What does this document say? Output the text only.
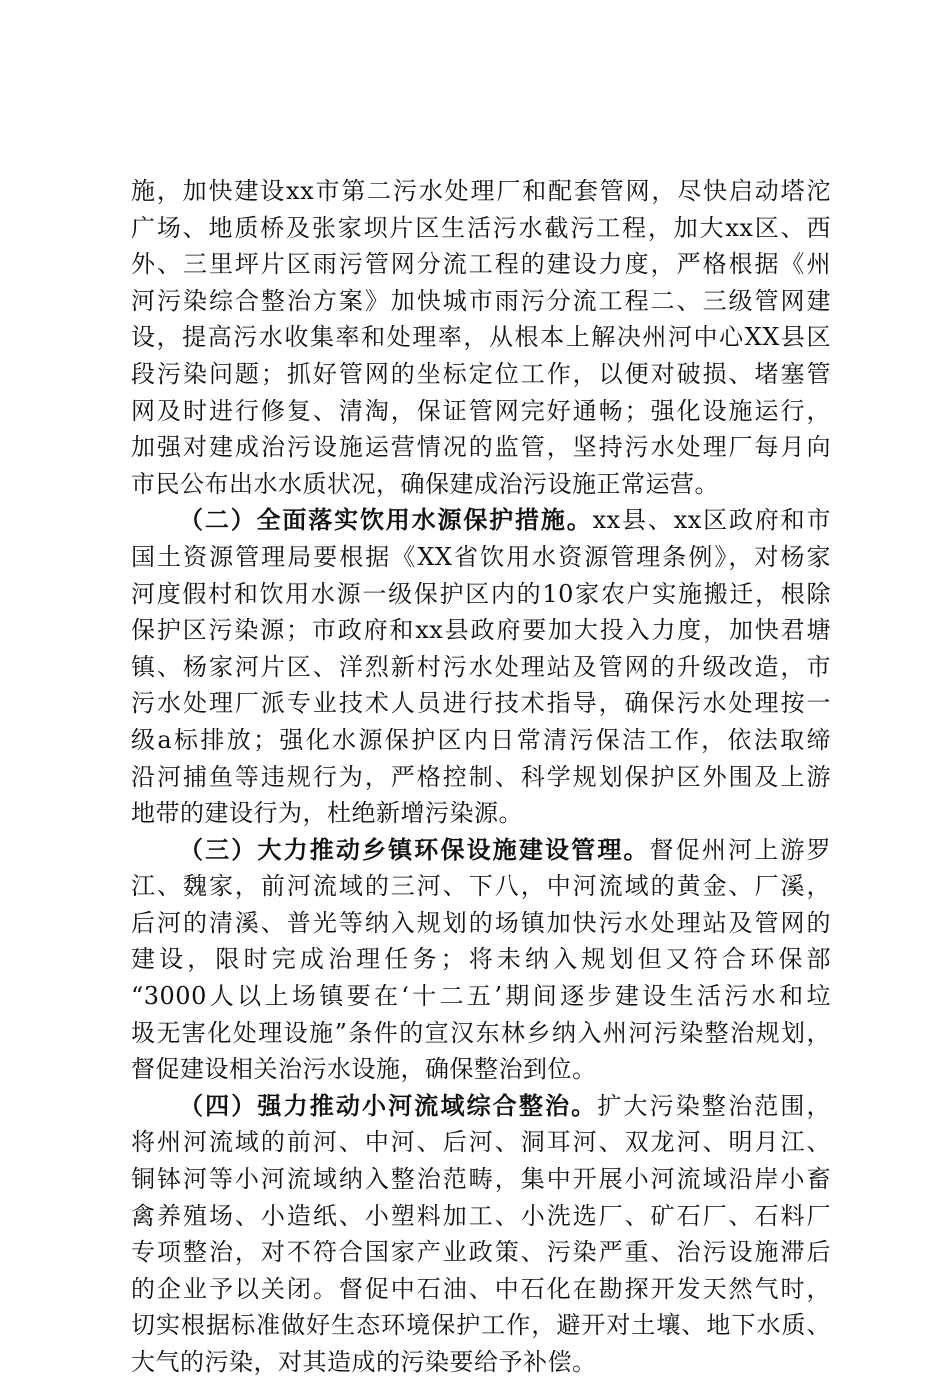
施，加快建设xx市第二污水处理厂和配套管网，尽快启动塔沱
广场、地质桥及张家坝片区生活污水截污工程，加大xx区、西
外、三里坪片区雨污管网分流工程的建设力度，严格根据《州
河污染综合整治方案》加快城市雨污分流工程二、三级管网建
设，提高污水收集率和处理率，从根本上解决州河中心XX县区
段污染问题；抓好管网的坐标定位工作，以便对破损、堵塞管
网及时进行修复、清淘，保证管网完好通畅；强化设施运行，
加强对建成治污设施运营情况的监管，坚持污水处理厂每月向
市民公布出水水质状况，确保建成治污设施正常运营。
（二）全面落实饮用水源保护措施。xx县、xx区政府和市
国土资源管理局要根据《XX省饮用水资源管理条例》，对杨家
河度假村和饮用水源一级保护区内的10家农户实施搬迁，根除
保护区污染源；市政府和xx县政府要加大投入力度，加快君塘
镇、杨家河片区、洋烈新村污水处理站及管网的升级改造，市
污水处理厂派专业技术人员进行技术指导，确保污水处理按一
级a标排放；强化水源保护区内日常清污保洁工作，依法取缔
沿河捕鱼等违规行为，严格控制、科学规划保护区外围及上游
地带的建设行为，杜绝新增污染源。
（三）大力推动乡镇环保设施建设管理。督促州河上游罗
江、魏家，前河流域的三河、下八，中河流域的黄金、厂溪，
后河的清溪、普光等纳入规划的场镇加快污水处理站及管网的
建设，限时完成治理任务；将未纳入规划但又符合环保部
“3000人以上场镇要在‘十二五’期间逐步建设生活污水和垃
圾无害化处理设施”条件的宣汉东林乡纳入州河污染整治规划，
督促建设相关治污水设施，确保整治到位。
（四）强力推动小河流域综合整治。扩大污染整治范围，
将州河流域的前河、中河、后河、洞耳河、双龙河、明月江、
铜钵河等小河流域纳入整治范畴，集中开展小河流域沿岸小畜
禽养殖场、小造纸、小塑料加工、小洗选厂、矿石厂、石料厂
专项整治，对不符合国家产业政策、污染严重、治污设施滞后
的企业予以关闭。督促中石油、中石化在勘探开发天然气时，
切实根据标准做好生态环境保护工作，避开对土壤、地下水质、
大气的污染，对其造成的污染要给予补偿。
